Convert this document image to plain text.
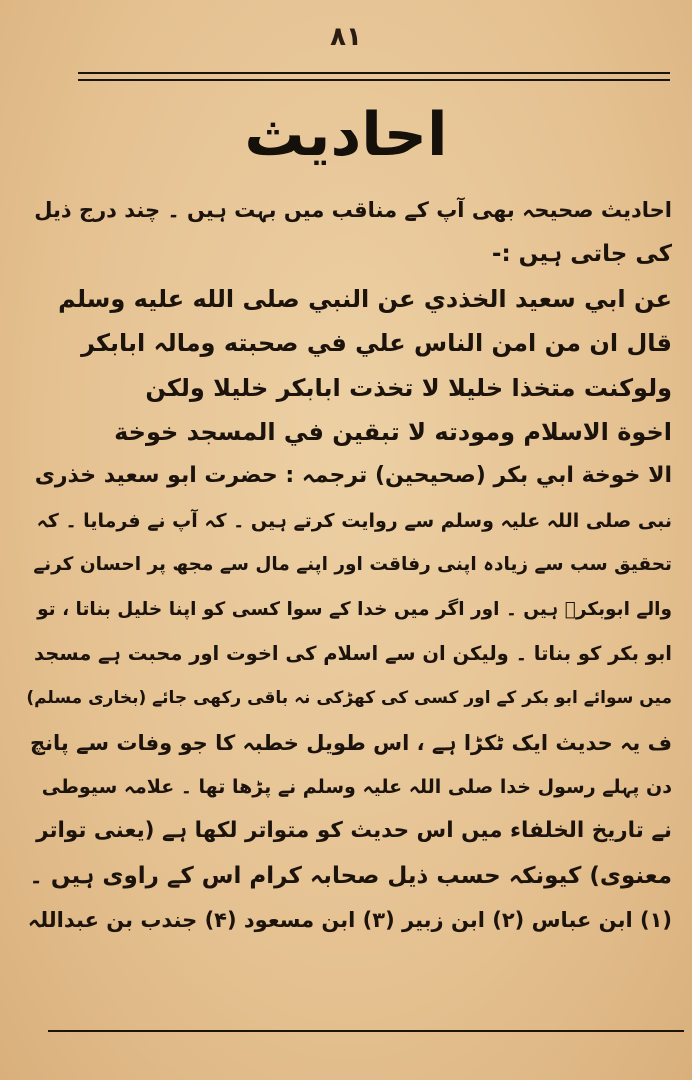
۸۱
احادیث
احادیث صحیحہ بھی آپ کے مناقب میں بہت ہیں ۔ چند درج ذیل
کی جاتی ہیں :-
عن ابي سعيد الخذدي عن النبي صلى الله عليه وسلم
قال ان من امن الناس علي في صحبته ومالہ ابابکر
ولوكنت متخذا خليلا لا تخذت ابابكر خليلا ولكن
اخوة الاسلام ومودته لا تبقين في المسجد خوخة
الا خوخة ابي بكر (صحيحين) ترجمہ : حضرت ابو سعید خذری
نبی صلی اللہ علیہ وسلم سے روایت کرتے ہیں ۔ کہ آپ نے فرمایا ۔ کہ
تحقیق سب سے زیادہ اپنی رفاقت اور اپنے مال سے مجھ پر احسان کرنے
والے ابوبکرؓ ہیں ۔ اور اگر میں خدا کے سوا کسی کو اپنا خلیل بناتا ، تو
ابو بکر کو بناتا ۔ ولیکن ان سے اسلام کی اخوت اور محبت ہے مسجد
میں سوائے ابو بکر کے اور کسی کی کھڑکی نہ باقی رکھی جائے (بخاری مسلم)
ف یہ حدیث ایک ٹکڑا ہے ، اس طویل خطبہ کا جو وفات سے پانچ
دن پہلے رسول خدا صلی اللہ علیہ وسلم نے پڑھا تھا ۔ علامہ سیوطی
نے تاریخ الخلفاء میں اس حدیث کو متواتر لکھا ہے (یعنی تواتر
معنوی) کیونکہ حسب ذیل صحابہ کرام اس کے راوی ہیں ۔
(۱) ابن عباس (۲) ابن زبیر (۳) ابن مسعود (۴) جندب بن عبداللہ
